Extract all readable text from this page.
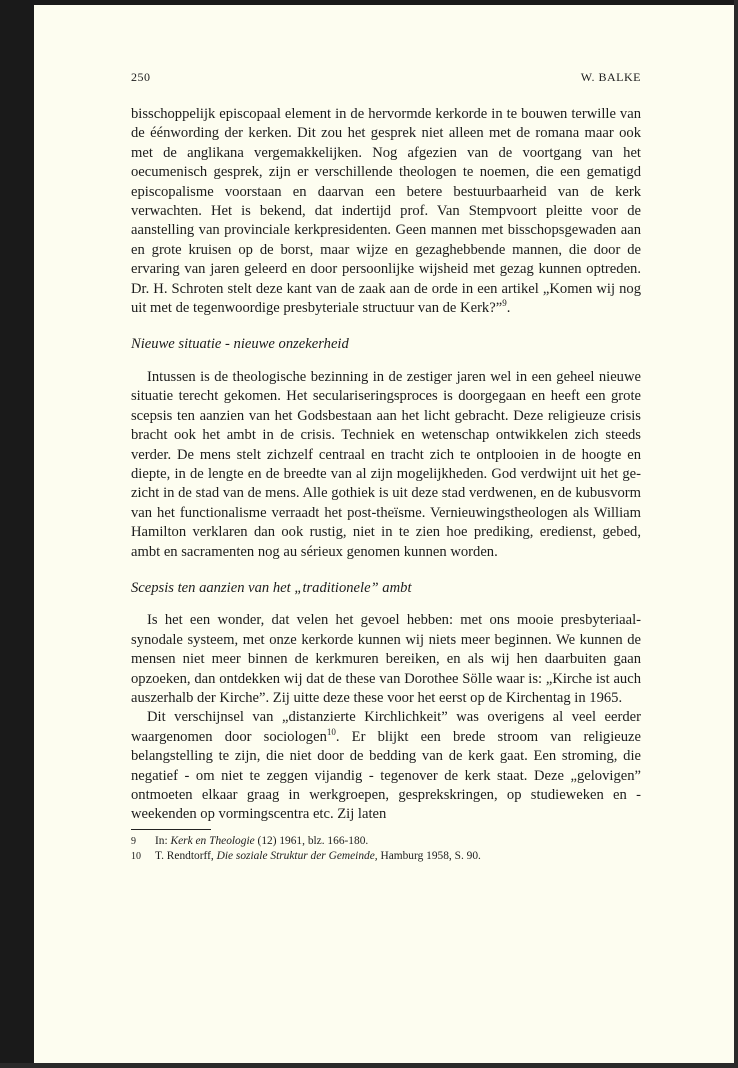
250	W. BALKE

bisschoppelijk episcopaal element in de hervormde kerkorde in te bouwen terwille van de éénwording der kerken. Dit zou het gesprek niet alleen met de romana maar ook met de anglikana vergemakkelijken. Nog afgezien van de voortgang van het oecumenisch gesprek, zijn er verschillende theologen te noemen, die een gematigd episcopalisme voorstaan en daarvan een betere bestuurbaarheid van de kerk verwachten. Het is bekend, dat indertijd prof. Van Stempvoort pleitte voor de aanstelling van provinciale kerkpresidenten. Geen mannen met bisschopsgewaden aan en grote kruisen op de borst, maar wijze en gezaghebbende mannen, die door de ervaring van jaren geleerd en door persoonlijke wijsheid met gezag kunnen optreden. Dr. H. Schroten stelt deze kant van de zaak aan de orde in een artikel „Komen wij nog uit met de tegenwoordige presbyteriale structuur van de Kerk?”$^9$.

Nieuwe situatie - nieuwe onzekerheid

Intussen is de theologische bezinning in de zestiger jaren wel in een geheel nieuwe situatie terecht gekomen. Het seculariseringsproces is doorgegaan en heeft een grote scepsis ten aanzien van het Godsbestaan aan het licht gebracht. Deze religieuze crisis bracht ook het ambt in de crisis. Techniek en wetenschap ontwikkelen zich steeds verder. De mens stelt zichzelf centraal en tracht zich te ontplooien in de hoogte en diepte, in de lengte en de breedte van al zijn mogelijkheden. God verdwijnt uit het gezicht in de stad van de mens. Alle gothiek is uit deze stad verdwenen, en de kubusvorm van het functionalisme verraadt het post-theïsme. Vernieuwingstheologen als William Hamilton verklaren dan ook rustig, niet in te zien hoe prediking, eredienst, gebed, ambt en sacramenten nog au sérieux genomen kunnen worden.

Scepsis ten aanzien van het „traditionele” ambt

Is het een wonder, dat velen het gevoel hebben: met ons mooie presbyteriaal-synodale systeem, met onze kerkorde kunnen wij niets meer beginnen. We kunnen de mensen niet meer binnen de kerkmuren bereiken, en als wij hen daarbuiten gaan opzoeken, dan ontdekken wij dat de these van Dorothee Sölle waar is: „Kirche ist auch auszerhalb der Kirche”. Zij uitte deze these voor het eerst op de Kirchentag in 1965.

Dit verschijnsel van „distanzierte Kirchlichkeit” was overigens al veel eerder waargenomen door sociologen$^{10}$. Er blijkt een brede stroom van religieuze belangstelling te zijn, die niet door de bedding van de kerk gaat. Een stroming, die negatief - om niet te zeggen vijandig - tegenover de kerk staat. Deze „gelovigen” ontmoeten elkaar graag in werkgroepen, gesprekskringen, op studieweken en -weekenden op vormingscentra etc. Zij laten

9 In: Kerk en Theologie (12) 1961, blz. 166-180.
10 T. Rendtorff, Die soziale Struktur der Gemeinde, Hamburg 1958, S. 90.
